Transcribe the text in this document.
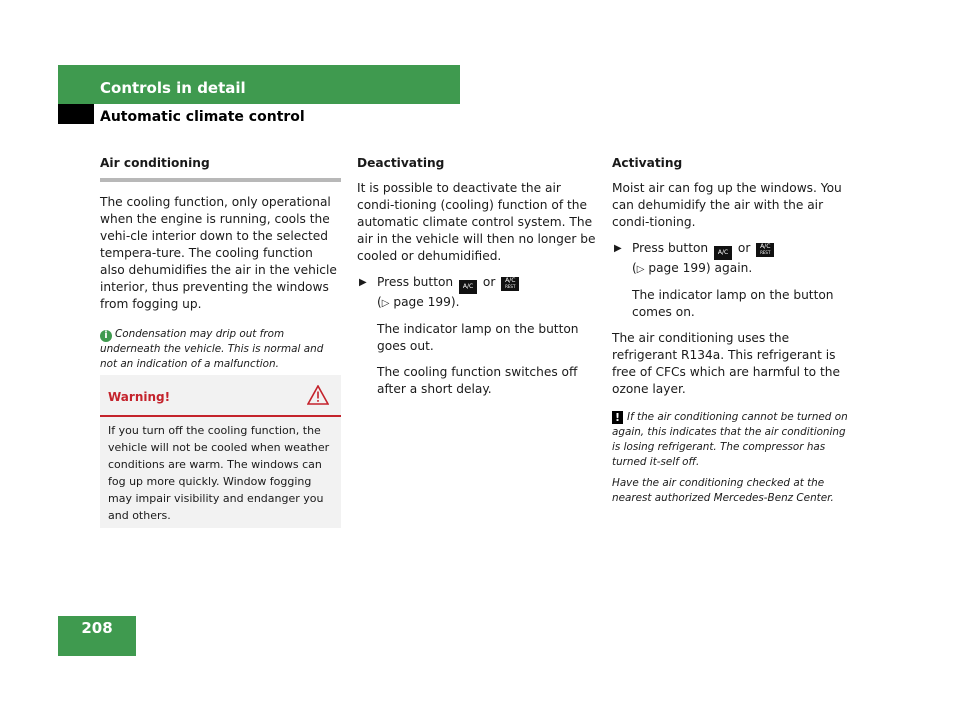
Controls in detail
Automatic climate control
Air conditioning

The cooling function, only operational when the engine is running, cools the vehi-cle interior down to the selected tempera-ture. The cooling function also dehumidifies the air in the vehicle interior, thus preventing the windows from fogging up.

i Condensation may drip out from underneath the vehicle. This is normal and not an indication of a malfunction.
Warning!
If you turn off the cooling function, the vehicle will not be cooled when weather conditions are warm. The windows can fog up more quickly. Window fogging may impair visibility and endanger you and others.
Deactivating

It is possible to deactivate the air condi-tioning (cooling) function of the automatic climate control system. The air in the vehicle will then no longer be cooled or dehumidified.

▶ Press button A/C or	A/C
REST

(▷ page 199).

The indicator lamp on the button goes out.

The cooling function switches off after a short delay.

Activating

Moist air can fog up the windows. You can dehumidify the air with the air condi-tioning.

▶ Press button A/C or	A/C
REST

(▷ page 199) again.

The indicator lamp on the button comes on.

The air conditioning uses the refrigerant R134a. This refrigerant is free of CFCs which are harmful to the ozone layer.

! If the air conditioning cannot be turned on again, this indicates that the air conditioning is losing refrigerant. The compressor has turned it-self off.
Have the air conditioning checked at the nearest authorized Mercedes-Benz Center.
208
